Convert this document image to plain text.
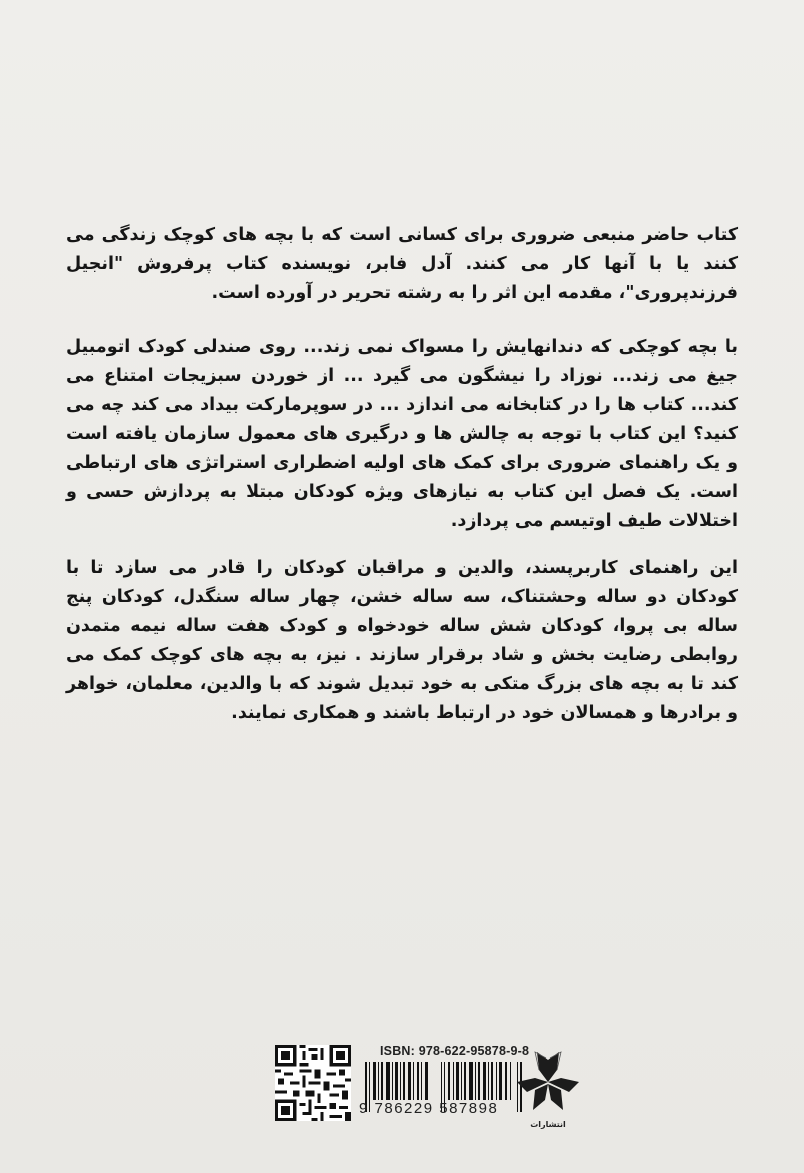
کتاب حاضر منبعی ضروری برای کسانی است که با بچه های کوچک زندگی می کنند یا با آنها کار می کنند. آدل فابر، نویسنده کتاب پرفروش "انجیل فرزندپروری"، مقدمه این اثر را به رشته تحریر در آورده است.

با بچه کوچکی که دندانهایش را مسواک نمی زند... روی صندلی کودک اتومبیل جیغ می زند... نوزاد را نیشگون می گیرد ... از خوردن سبزیجات امتناع می کند... کتاب ها را در کتابخانه می اندازد ... در سوپرمارکت بیداد می کند چه می کنید؟ این کتاب با توجه به چالش ها و درگیری های معمول سازمان یافته است و یک راهنمای ضروری برای کمک های اولیه اضطراری استراتژی های ارتباطی است. یک فصل این کتاب به نیازهای ویژه کودکان مبتلا به پردازش حسی و اختلالات طیف اوتیسم می پردازد.

این راهنمای کاربرپسند، والدین و مراقبان کودکان را قادر می سازد تا با کودکان دو ساله وحشتناک، سه ساله خشن، چهار ساله سنگدل، کودکان پنج ساله بی پروا، کودکان شش ساله خودخواه و کودک هفت ساله نیمه متمدن روابطی رضایت بخش و شاد برقرار سازند . نیز، به بچه های کوچک کمک می کند تا به بچه های بزرگ متکی به خود تبدیل شوند که با والدین، معلمان، خواهر و برادرها و همسالان خود در ارتباط باشند و همکاری نمایند.

ISBN: 978-622-95878-9-8
9 786229 587898
انتشارات
